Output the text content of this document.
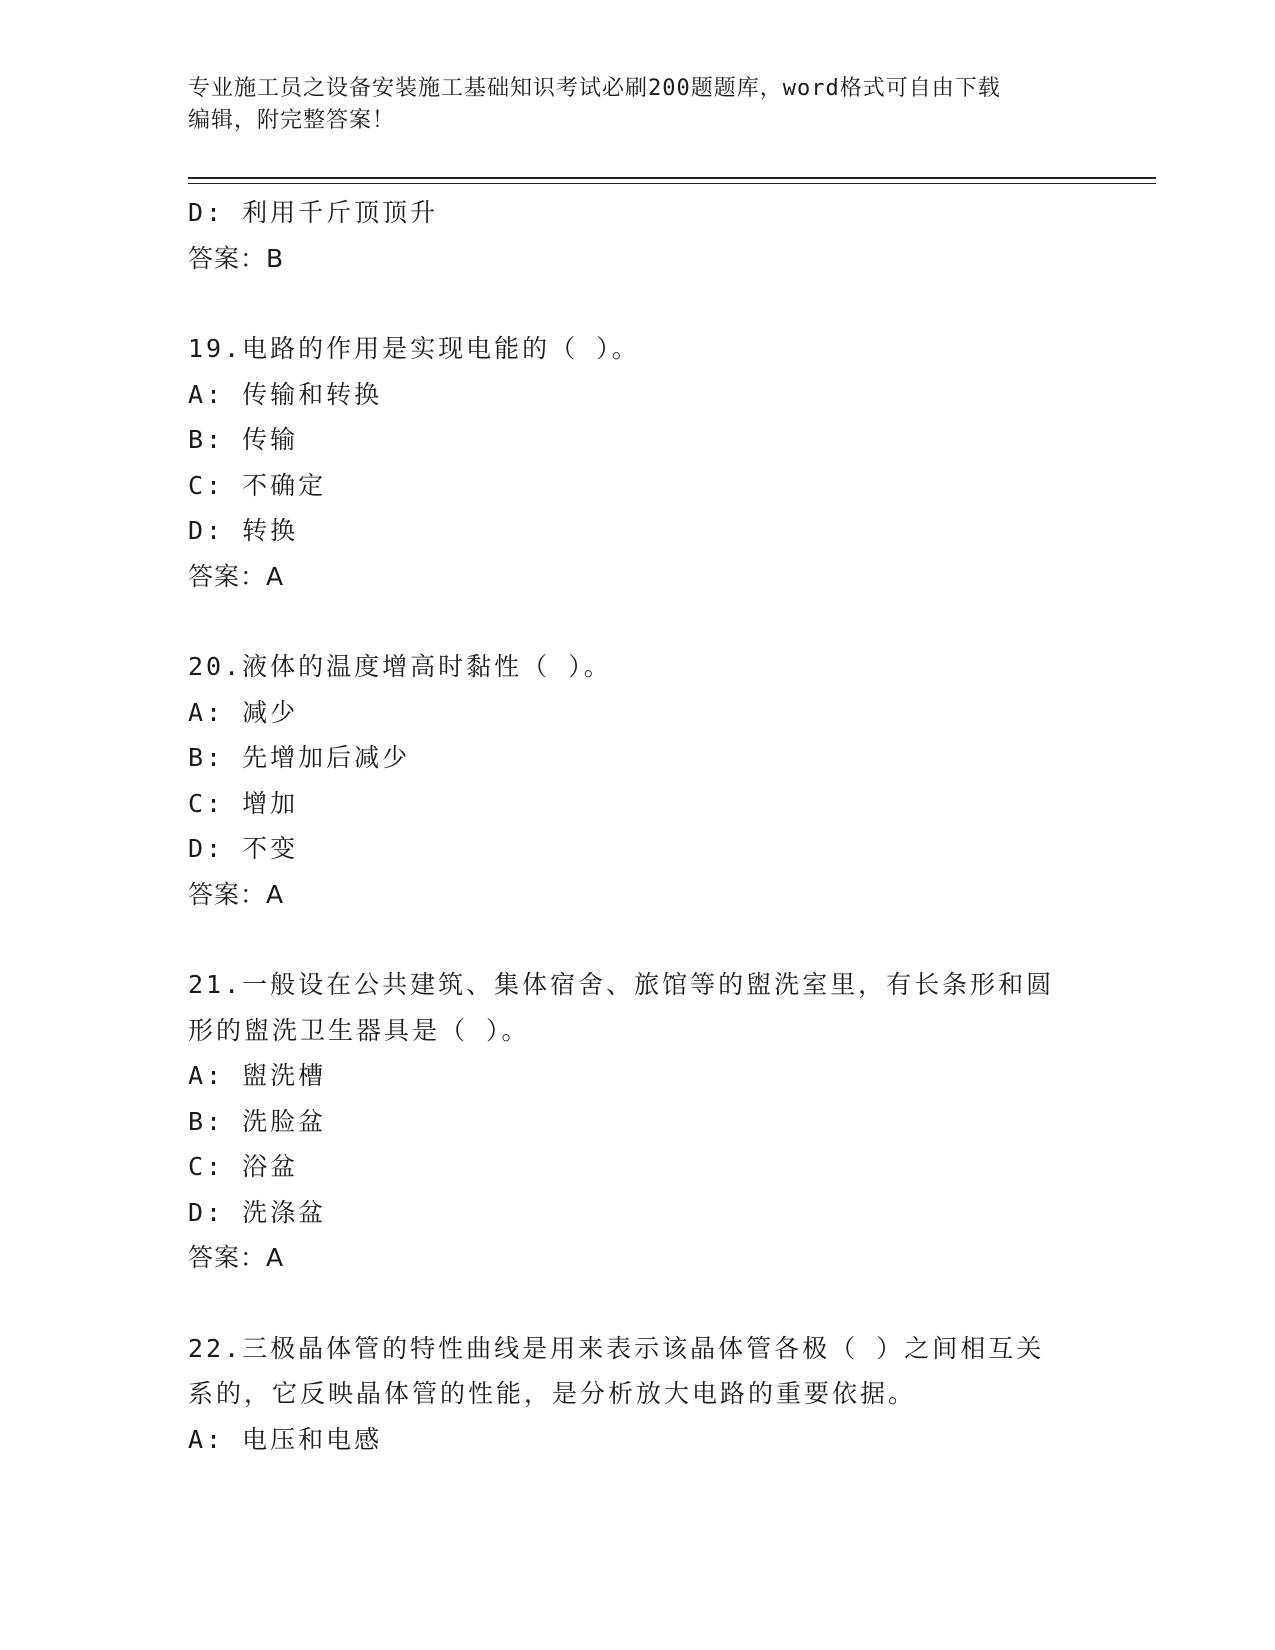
专业施工员之设备安装施工基础知识考试必刷200题题库，word格式可自由下载
编辑，附完整答案！
D: 利用千斤顶顶升
答案：B
19.电路的作用是实现电能的（ ）。
A: 传输和转换
B: 传输
C: 不确定
D: 转换
答案：A
20.液体的温度增高时黏性（ ）。
A: 减少
B: 先增加后减少
C: 增加
D: 不变
答案：A
21.一般设在公共建筑、集体宿舍、旅馆等的盥洗室里，有长条形和圆
形的盥洗卫生器具是（ ）。
A: 盥洗槽
B: 洗脸盆
C: 浴盆
D: 洗涤盆
答案：A
22.三极晶体管的特性曲线是用来表示该晶体管各极（ ）之间相互关
系的，它反映晶体管的性能，是分析放大电路的重要依据。
A: 电压和电感
